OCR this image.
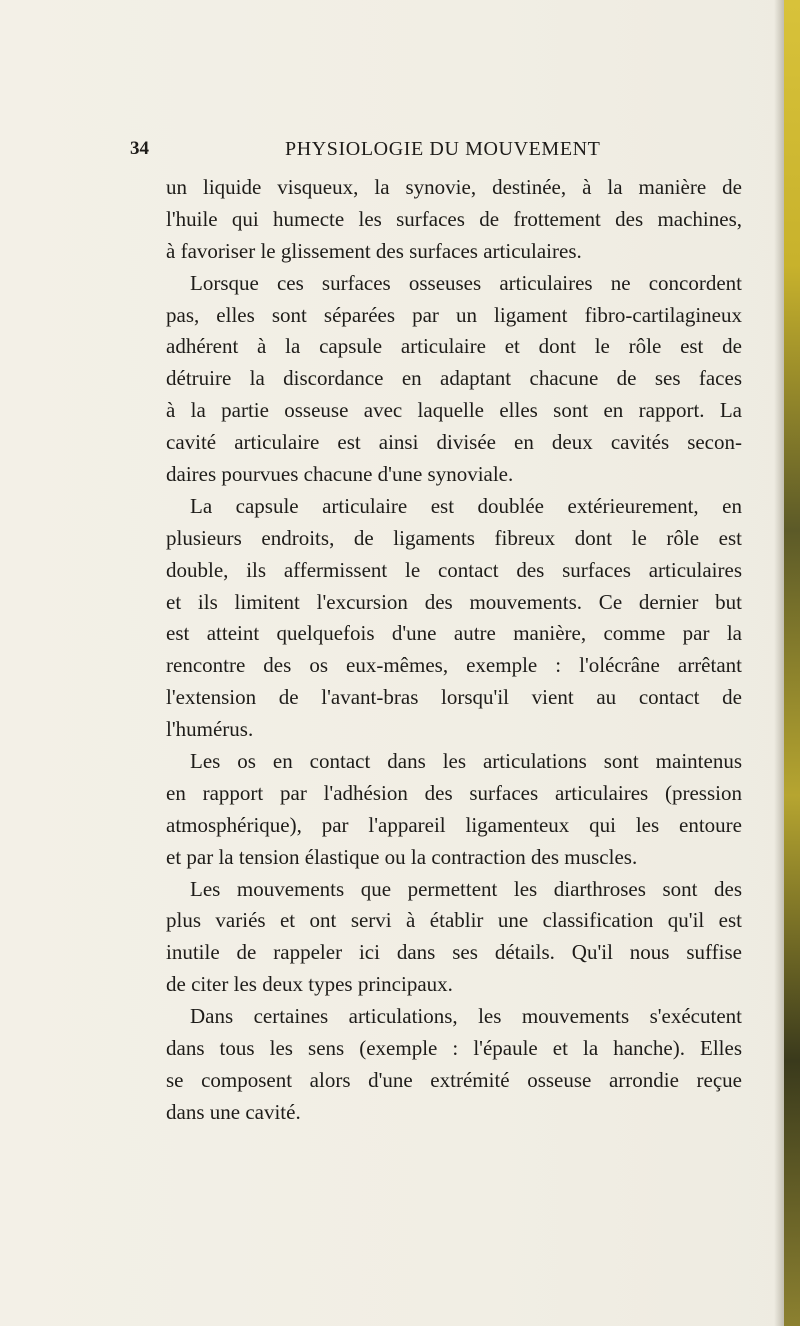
34	PHYSIOLOGIE DU MOUVEMENT
un liquide visqueux, la synovie, destinée, à la manière de
l'huile qui humecte les surfaces de frottement des machines,
à favoriser le glissement des surfaces articulaires.
Lorsque ces surfaces osseuses articulaires ne concordent
pas, elles sont séparées par un ligament fibro-cartilagineux
adhérent à la capsule articulaire et dont le rôle est de
détruire la discordance en adaptant chacune de ses faces
à la partie osseuse avec laquelle elles sont en rapport. La
cavité articulaire est ainsi divisée en deux cavités secon-
daires pourvues chacune d'une synoviale.
La capsule articulaire est doublée extérieurement, en
plusieurs endroits, de ligaments fibreux dont le rôle est
double, ils affermissent le contact des surfaces articulaires
et ils limitent l'excursion des mouvements. Ce dernier but
est atteint quelquefois d'une autre manière, comme par la
rencontre des os eux-mêmes, exemple : l'olécrâne arrêtant
l'extension de l'avant-bras lorsqu'il vient au contact de
l'humérus.
Les os en contact dans les articulations sont maintenus
en rapport par l'adhésion des surfaces articulaires (pression
atmosphérique), par l'appareil ligamenteux qui les entoure
et par la tension élastique ou la contraction des muscles.
Les mouvements que permettent les diarthroses sont des
plus variés et ont servi à établir une classification qu'il est
inutile de rappeler ici dans ses détails. Qu'il nous suffise
de citer les deux types principaux.
Dans certaines articulations, les mouvements s'exécutent
dans tous les sens (exemple : l'épaule et la hanche). Elles
se composent alors d'une extrémité osseuse arrondie reçue
dans une cavité.
